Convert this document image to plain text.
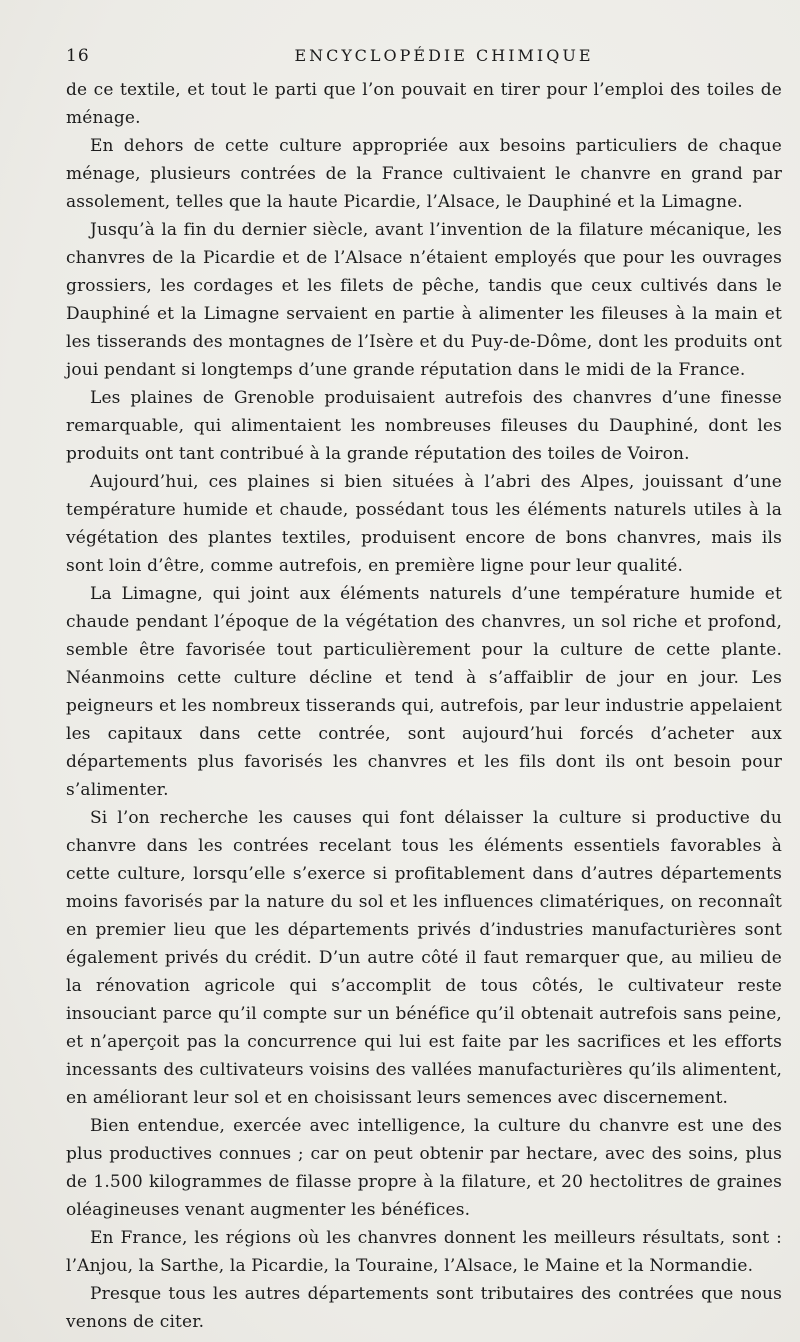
16	ENCYCLOPÉDIE CHIMIQUE

de ce textile, et tout le parti que l’on pouvait en tirer pour l’emploi des toiles de ménage.

En dehors de cette culture appropriée aux besoins particuliers de chaque ménage, plusieurs contrées de la France cultivaient le chanvre en grand par assolement, telles que la haute Picardie, l’Alsace, le Dauphiné et la Limagne.

Jusqu’à la fin du dernier siècle, avant l’invention de la filature mécanique, les chanvres de la Picardie et de l’Alsace n’étaient employés que pour les ouvrages grossiers, les cordages et les filets de pêche, tandis que ceux cultivés dans le Dauphiné et la Limagne servaient en partie à alimenter les fileuses à la main et les tisserands des montagnes de l’Isère et du Puy-de-Dôme, dont les produits ont joui pendant si longtemps d’une grande réputation dans le midi de la France.

Les plaines de Grenoble produisaient autrefois des chanvres d’une finesse remarquable, qui alimentaient les nombreuses fileuses du Dauphiné, dont les produits ont tant contribué à la grande réputation des toiles de Voiron.

Aujourd’hui, ces plaines si bien situées à l’abri des Alpes, jouissant d’une température humide et chaude, possédant tous les éléments naturels utiles à la végétation des plantes textiles, produisent encore de bons chanvres, mais ils sont loin d’être, comme autrefois, en première ligne pour leur qualité.

La Limagne, qui joint aux éléments naturels d’une température humide et chaude pendant l’époque de la végétation des chanvres, un sol riche et profond, semble être favorisée tout particulièrement pour la culture de cette plante. Néanmoins cette culture décline et tend à s’affaiblir de jour en jour. Les peigneurs et les nombreux tisserands qui, autrefois, par leur industrie appelaient les capitaux dans cette contrée, sont aujourd’hui forcés d’acheter aux départements plus favorisés les chanvres et les fils dont ils ont besoin pour s’alimenter.

Si l’on recherche les causes qui font délaisser la culture si productive du chanvre dans les contrées recelant tous les éléments essentiels favorables à cette culture, lorsqu’elle s’exerce si profitablement dans d’autres départements moins favorisés par la nature du sol et les influences climatériques, on reconnaît en premier lieu que les départements privés d’industries manufacturières sont également privés du crédit. D’un autre côté il faut remarquer que, au milieu de la rénovation agricole qui s’accomplit de tous côtés, le cultivateur reste insouciant parce qu’il compte sur un bénéfice qu’il obtenait autrefois sans peine, et n’aperçoit pas la concurrence qui lui est faite par les sacrifices et les efforts incessants des cultivateurs voisins des vallées manufacturières qu’ils alimentent, en améliorant leur sol et en choisissant leurs semences avec discernement.

Bien entendue, exercée avec intelligence, la culture du chanvre est une des plus productives connues ; car on peut obtenir par hectare, avec des soins, plus de 1.500 kilogrammes de filasse propre à la filature, et 20 hectolitres de graines oléagineuses venant augmenter les bénéfices.

En France, les régions où les chanvres donnent les meilleurs résultats, sont : l’Anjou, la Sarthe, la Picardie, la Touraine, l’Alsace, le Maine et la Normandie.

Presque tous les autres départements sont tributaires des contrées que nous venons de citer.
